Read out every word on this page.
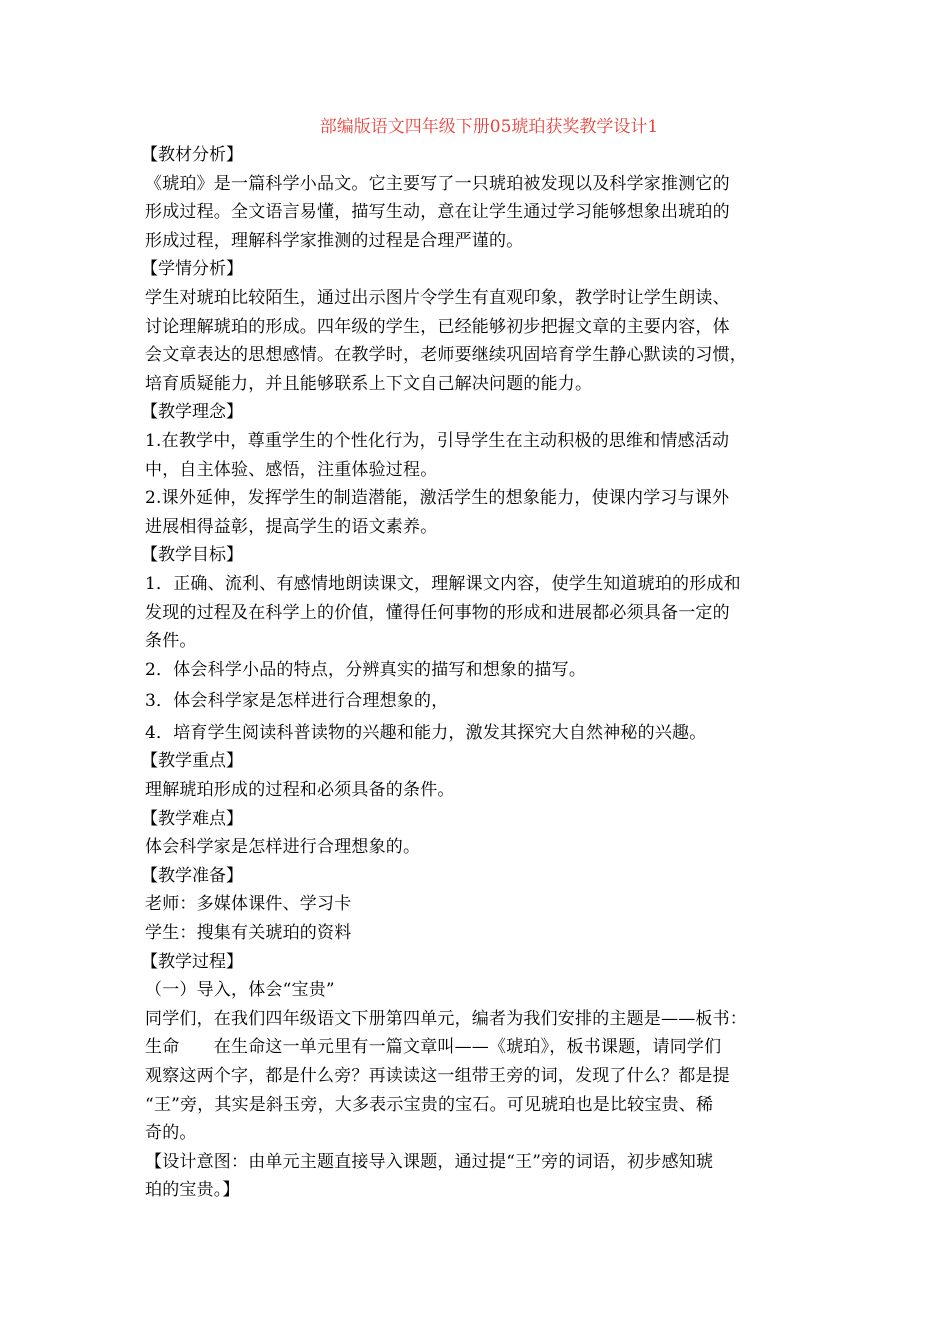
部编版语文四年级下册05琥珀获奖教学设计1
【教材分析】
《琥珀》是一篇科学小品文。它主要写了一只琥珀被发现以及科学家推测它的
形成过程。全文语言易懂，描写生动，意在让学生通过学习能够想象出琥珀的
形成过程，理解科学家推测的过程是合理严谨的。
【学情分析】
学生对琥珀比较陌生，通过出示图片令学生有直观印象，教学时让学生朗读、
讨论理解琥珀的形成。四年级的学生，已经能够初步把握文章的主要内容，体
会文章表达的思想感情。在教学时，老师要继续巩固培育学生静心默读的习惯，
培育质疑能力，并且能够联系上下文自己解决问题的能力。
【教学理念】
1.在教学中，尊重学生的个性化行为，引导学生在主动积极的思维和情感活动
中，自主体验、感悟，注重体验过程。
2.课外延伸，发挥学生的制造潜能，激活学生的想象能力，使课内学习与课外
进展相得益彰，提高学生的语文素养。
【教学目标】
1．正确、流利、有感情地朗读课文，理解课文内容，使学生知道琥珀的形成和
发现的过程及在科学上的价值，懂得任何事物的形成和进展都必须具备一定的
条件。
2．体会科学小品的特点，分辨真实的描写和想象的描写。
3．体会科学家是怎样进行合理想象的，
4．培育学生阅读科普读物的兴趣和能力，激发其探究大自然神秘的兴趣。
【教学重点】
理解琥珀形成的过程和必须具备的条件。
【教学难点】
体会科学家是怎样进行合理想象的。
【教学准备】
老师：多媒体课件、学习卡
学生：搜集有关琥珀的资料
【教学过程】
（一）导入，体会“宝贵”
同学们，在我们四年级语文下册第四单元，编者为我们安排的主题是——板书：
生命　　在生命这一单元里有一篇文章叫——《琥珀》，板书课题，请同学们
观察这两个字，都是什么旁？再读读这一组带王旁的词，发现了什么？都是提
“王”旁，其实是斜玉旁，大多表示宝贵的宝石。可见琥珀也是比较宝贵、稀
奇的。
【设计意图：由单元主题直接导入课题，通过提“王”旁的词语，初步感知琥
珀的宝贵。】
